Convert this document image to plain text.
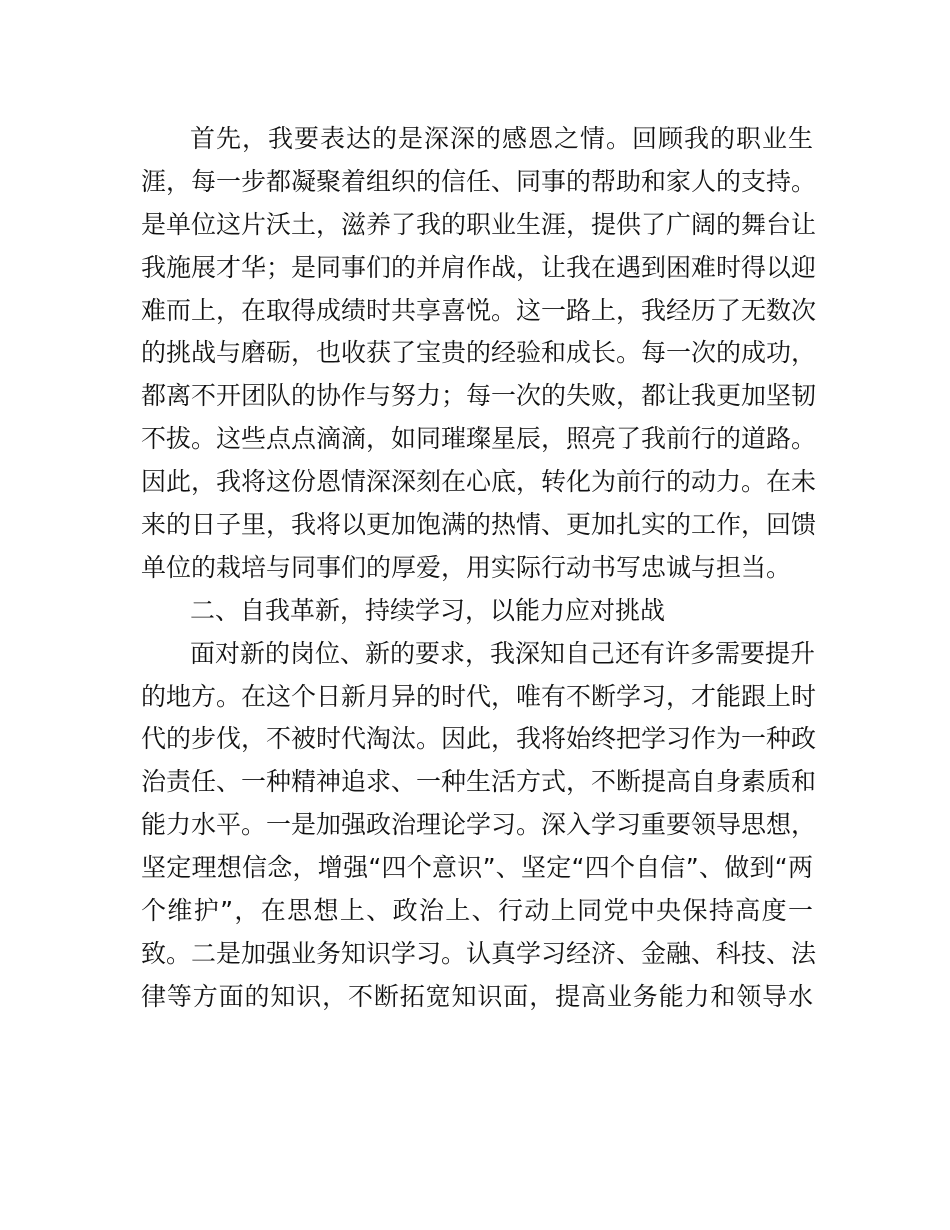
首先，我要表达的是深深的感恩之情。回顾我的职业生
涯，每一步都凝聚着组织的信任、同事的帮助和家人的支持。
是单位这片沃土，滋养了我的职业生涯，提供了广阔的舞台让
我施展才华；是同事们的并肩作战，让我在遇到困难时得以迎
难而上，在取得成绩时共享喜悦。这一路上，我经历了无数次
的挑战与磨砺，也收获了宝贵的经验和成长。每一次的成功，
都离不开团队的协作与努力；每一次的失败，都让我更加坚韧
不拔。这些点点滴滴，如同璀璨星辰，照亮了我前行的道路。
因此，我将这份恩情深深刻在心底，转化为前行的动力。在未
来的日子里，我将以更加饱满的热情、更加扎实的工作，回馈
单位的栽培与同事们的厚爱，用实际行动书写忠诚与担当。
二、自我革新，持续学习，以能力应对挑战
面对新的岗位、新的要求，我深知自己还有许多需要提升
的地方。在这个日新月异的时代，唯有不断学习，才能跟上时
代的步伐，不被时代淘汰。因此，我将始终把学习作为一种政
治责任、一种精神追求、一种生活方式，不断提高自身素质和
能力水平。一是加强政治理论学习。深入学习重要领导思想，
坚定理想信念，增强“四个意识”、坚定“四个自信”、做到“两
个维护”，在思想上、政治上、行动上同党中央保持高度一
致。二是加强业务知识学习。认真学习经济、金融、科技、法
律等方面的知识，不断拓宽知识面，提高业务能力和领导水
